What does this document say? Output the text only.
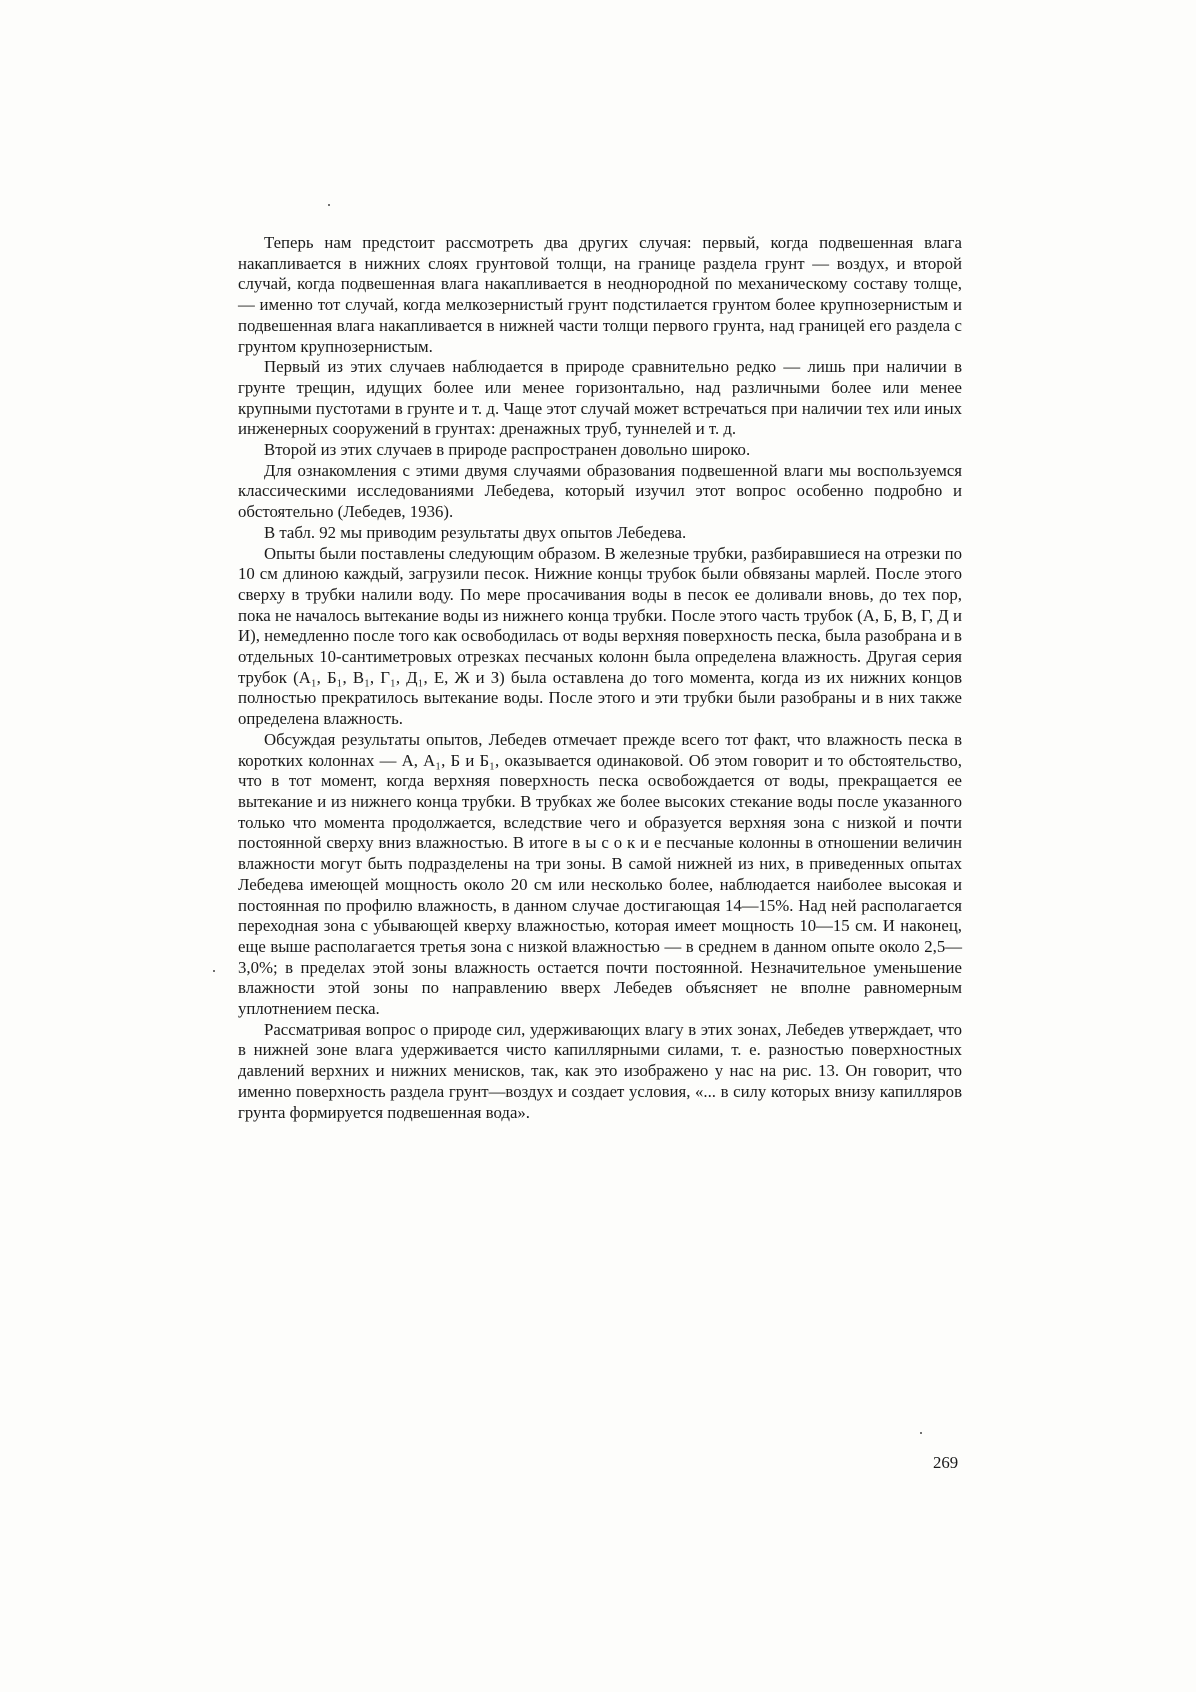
Теперь нам предстоит рассмотреть два других случая: первый, когда подвешенная влага накапливается в нижних слоях грунтовой толщи, на границе раздела грунт — воздух, и второй случай, когда подвешенная влага накапливается в неоднородной по механическому составу толще, — именно тот случай, когда мелкозернистый грунт подстилается грунтом более крупнозернистым и подвешенная влага накапливается в нижней части толщи первого грунта, над границей его раздела с грунтом крупнозернистым.

Первый из этих случаев наблюдается в природе сравнительно редко — лишь при наличии в грунте трещин, идущих более или менее горизонтально, над различными более или менее крупными пустотами в грунте и т. д. Чаще этот случай может встречаться при наличии тех или иных инженерных сооружений в грунтах: дренажных труб, туннелей и т. д.

Второй из этих случаев в природе распространен довольно широко.

Для ознакомления с этими двумя случаями образования подвешенной влаги мы воспользуемся классическими исследованиями Лебедева, который изучил этот вопрос особенно подробно и обстоятельно (Лебедев, 1936).

В табл. 92 мы приводим результаты двух опытов Лебедева.

Опыты были поставлены следующим образом. В железные трубки, разбиравшиеся на отрезки по 10 см длиною каждый, загрузили песок. Нижние концы трубок были обвязаны марлей. После этого сверху в трубки налили воду. По мере просачивания воды в песок ее доливали вновь, до тех пор, пока не началось вытекание воды из нижнего конца трубки. После этого часть трубок (А, Б, В, Г, Д и И), немедленно после того как освободилась от воды верхняя поверхность песка, была разобрана и в отдельных 10-сантиметровых отрезках песчаных колонн была определена влажность. Другая серия трубок (А₁, Б₁, В₁, Г₁, Д₁, Е, Ж и З) была оставлена до того момента, когда из их нижних концов полностью прекратилось вытекание воды. После этого и эти трубки были разобраны и в них также определена влажность.

Обсуждая результаты опытов, Лебедев отмечает прежде всего тот факт, что влажность песка в коротких колоннах — А, А₁, Б и Б₁, оказывается одинаковой. Об этом говорит и то обстоятельство, что в тот момент, когда верхняя поверхность песка освобождается от воды, прекращается ее вытекание и из нижнего конца трубки. В трубках же более высоких стекание воды после указанного только что момента продолжается, вследствие чего и образуется верхняя зона с низкой и почти постоянной сверху вниз влажностью. В итоге в ы с о к и е песчаные колонны в отношении величин влажности могут быть подразделены на три зоны. В самой нижней из них, в приведенных опытах Лебедева имеющей мощность около 20 см или несколько более, наблюдается наиболее высокая и постоянная по профилю влажность, в данном случае достигающая 14—15%. Над ней располагается переходная зона с убывающей кверху влажностью, которая имеет мощность 10—15 см. И наконец, еще выше располагается третья зона с низкой влажностью — в среднем в данном опыте около 2,5—3,0%; в пределах этой зоны влажность остается почти постоянной. Незначительное уменьшение влажности этой зоны по направлению вверх Лебедев объясняет не вполне равномерным уплотнением песка.

Рассматривая вопрос о природе сил, удерживающих влагу в этих зонах, Лебедев утверждает, что в нижней зоне влага удерживается чисто капиллярными силами, т. е. разностью поверхностных давлений верхних и нижних менисков, так, как это изображено у нас на рис. 13. Он говорит, что именно поверхность раздела грунт—воздух и создает условия, «... в силу которых внизу капилляров грунта формируется подвешенная вода».

269
